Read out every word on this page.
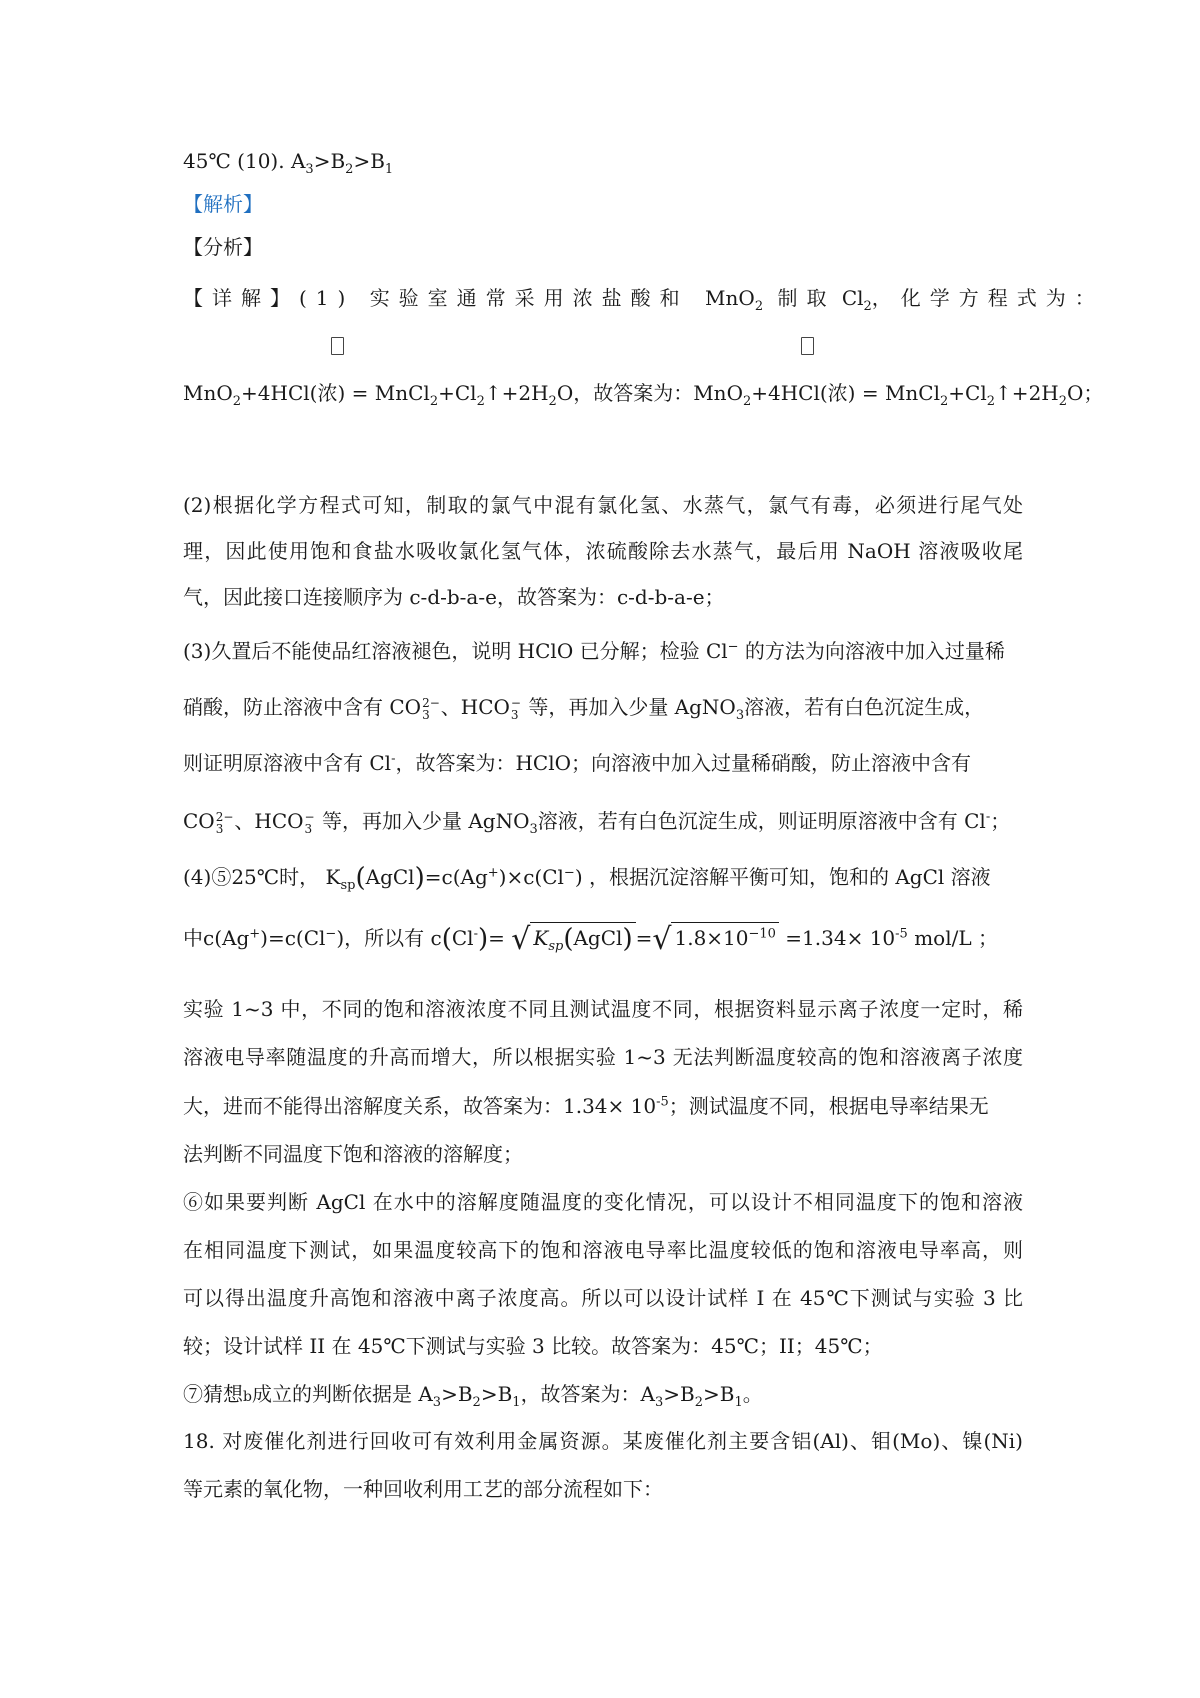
45℃ (10). $A_3>B_2>B_1$
【解析】
【分析】
【详解】(1) 实验室通常采用浓盐酸和 MnO$_2$ 制取 $Cl_2$，化学方程式为：
MnO$_2$+4HCl(浓) = $MnCl_2+Cl_2↑+2H_2O$，故答案为：MnO$_2$+4HCl(浓) = $MnCl_2+Cl_2↑+2H_2O$；
(2)根据化学方程式可知，制取的氯气中混有氯化氢、水蒸气，氯气有毒，必须进行尾气处
理，因此使用饱和食盐水吸收氯化氢气体，浓硫酸除去水蒸气，最后用 NaOH 溶液吸收尾
气，因此接口连接顺序为 c-d-b-a-e，故答案为：c-d-b-a-e；
(3)久置后不能使品红溶液褪色，说明 HClO 已分解；检验 Cl− 的方法为向溶液中加入过量稀
硝酸，防止溶液中含有 CO 2−
3 、HCO −
3 等，再加入少量 AgNO$_3$溶液，若有白色沉淀生成，
则证明原溶液中含有 Cl-，故答案为：HClO；向溶液中加入过量稀硝酸，防止溶液中含有
CO 2−
3 、HCO −
3 等，再加入少量 AgNO$_3$溶液，若有白色沉淀生成，则证明原溶液中含有 Cl-；
(4)⑤25℃时， $K_{sp}(AgCl)=c(Ag^+)\times c(Cl^-)$ ，根据沉淀溶解平衡可知，饱和的 AgCl 溶液
中c(Ag+)=c(Cl−)，所以有 c(Cl-)= √ $K_{sp}(AgCl)$ =√ $1.8\times 10^{-10} =1.34\times 10^{-5}$ mol/L ；
实验 1~3 中，不同的饱和溶液浓度不同且测试温度不同，根据资料显示离子浓度一定时，稀
溶液电导率随温度的升高而增大，所以根据实验 1~3 无法判断温度较高的饱和溶液离子浓度
大，进而不能得出溶解度关系，故答案为：$1.34\times 10^{-5}$；测试温度不同，根据电导率结果无
法判断不同温度下饱和溶液的溶解度；
⑥如果要判断 AgCl 在水中的溶解度随温度的变化情况，可以设计不相同温度下的饱和溶液
在相同温度下测试，如果温度较高下的饱和溶液电导率比温度较低的饱和溶液电导率高，则
可以得出温度升高饱和溶液中离子浓度高。所以可以设计试样 I 在 45℃下测试与实验 3 比
较；设计试样 II 在 45℃下测试与实验 3 比较。故答案为：45℃；II；45℃；
⑦猜想b成立的判断依据是 $A_3>B_2>B_1$，故答案为：$A_3>B_2>B_1$。
18. 对废催化剂进行回收可有效利用金属资源。某废催化剂主要含铝(Al)、钼(Mo)、镍(Ni)
等元素的氧化物，一种回收利用工艺的部分流程如下：
